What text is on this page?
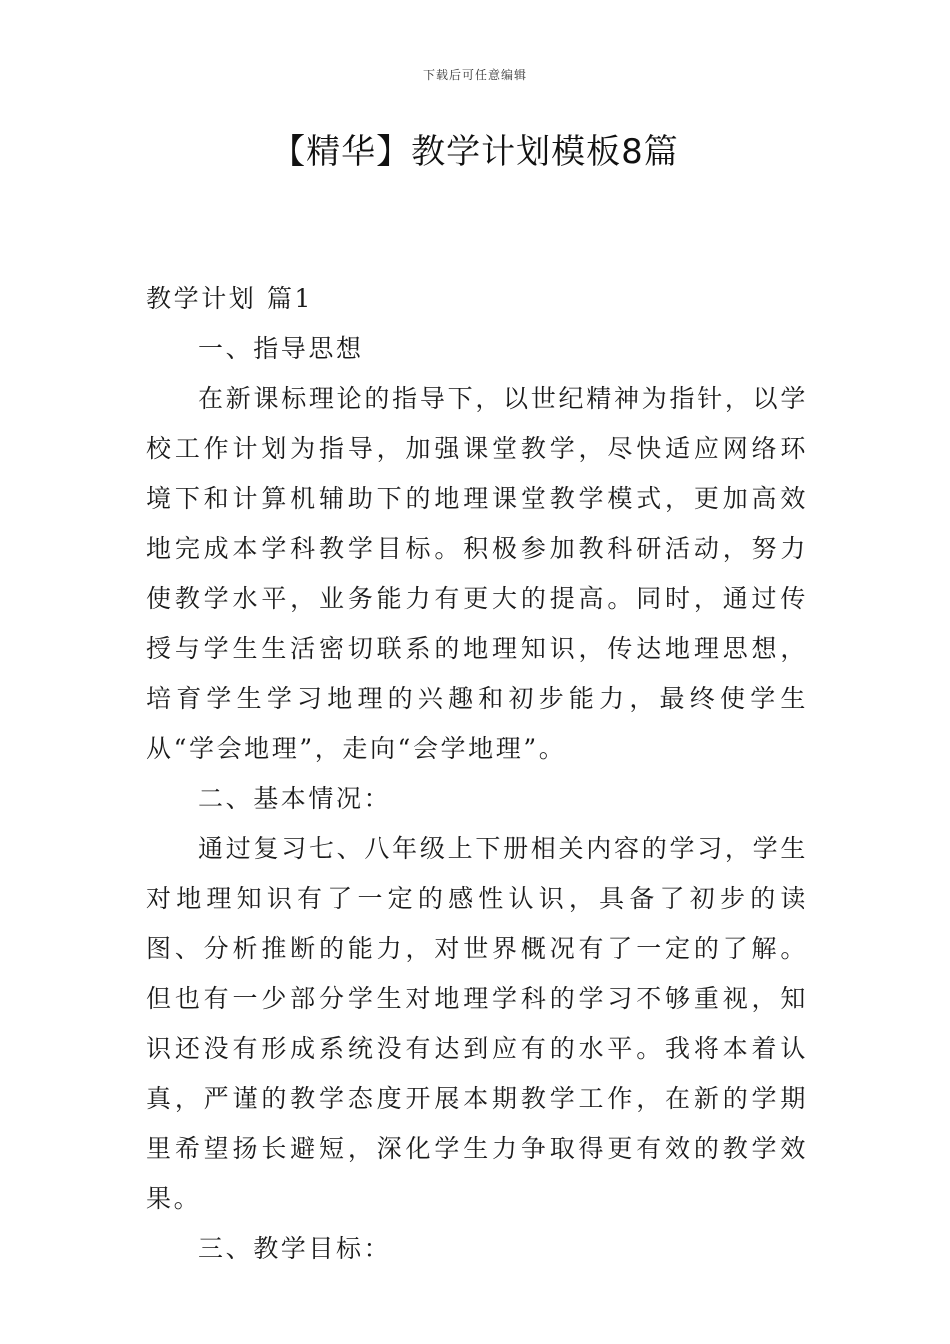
下载后可任意编辑
【精华】教学计划模板8篇

教学计划 篇1

一、指导思想

在新课标理论的指导下，以世纪精神为指针，以学校工作计划为指导，加强课堂教学，尽快适应网络环境下和计算机辅助下的地理课堂教学模式，更加高效地完成本学科教学目标。积极参加教科研活动，努力使教学水平，业务能力有更大的提高。同时，通过传授与学生生活密切联系的地理知识，传达地理思想，培育学生学习地理的兴趣和初步能力，最终使学生从“学会地理”，走向“会学地理”。

二、基本情况：

通过复习七、八年级上下册相关内容的学习，学生对地理知识有了一定的感性认识，具备了初步的读图、分析推断的能力，对世界概况有了一定的了解。但也有一少部分学生对地理学科的学习不够重视，知识还没有形成系统没有达到应有的水平。我将本着认真，严谨的教学态度开展本期教学工作，在新的学期里希望扬长避短，深化学生力争取得更有效的教学效果。

三、教学目标：
